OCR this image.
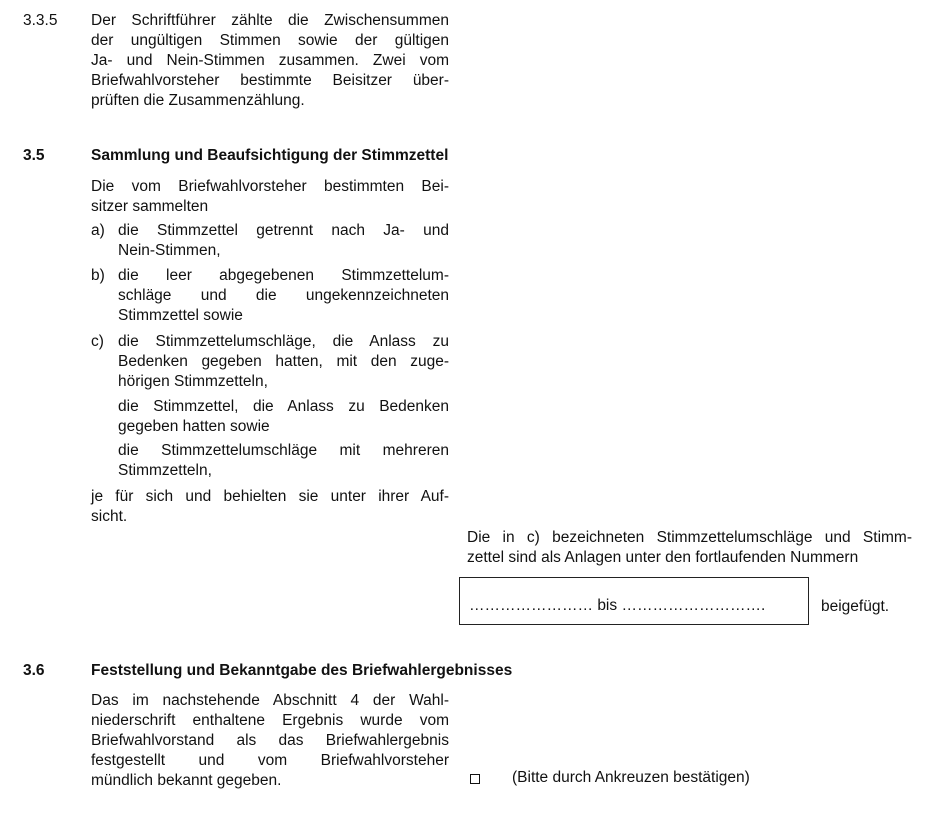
3.3.5 Der Schriftführer zählte die Zwischensummen
der ungültigen Stimmen sowie der gültigen
Ja- und Nein-Stimmen zusammen. Zwei vom
Briefwahlvorsteher bestimmte Beisitzer über-
prüften die Zusammenzählung.
3.5	Sammlung und Beaufsichtigung der Stimmzettel
Die vom Briefwahlvorsteher bestimmten Bei-
sitzer sammelten
a) die Stimmzettel getrennt nach Ja- und
Nein-Stimmen,
b) die leer abgegebenen Stimmzettelum-
schläge und die ungekennzeichneten
Stimmzettel sowie
c) die Stimmzettelumschläge, die Anlass zu
Bedenken gegeben hatten, mit den zuge-
hörigen Stimmzetteln,
die Stimmzettel, die Anlass zu Bedenken
gegeben hatten sowie
die Stimmzettelumschläge mit mehreren
Stimmzetteln,
je für sich und behielten sie unter ihrer Auf-
sicht.
Die in c) bezeichneten Stimmzettelumschläge und Stimm-
zettel sind als Anlagen unter den fortlaufenden Nummern
…………………… bis ……………………….	beigefügt.
3.6	Feststellung und Bekanntgabe des Briefwahlergebnisses
Das im nachstehende Abschnitt 4 der Wahl-
niederschrift enthaltene Ergebnis wurde vom
Briefwahlvorstand als das Briefwahlergebnis
festgestellt und vom Briefwahlvorsteher
mündlich bekannt gegeben.	(Bitte durch Ankreuzen bestätigen)
